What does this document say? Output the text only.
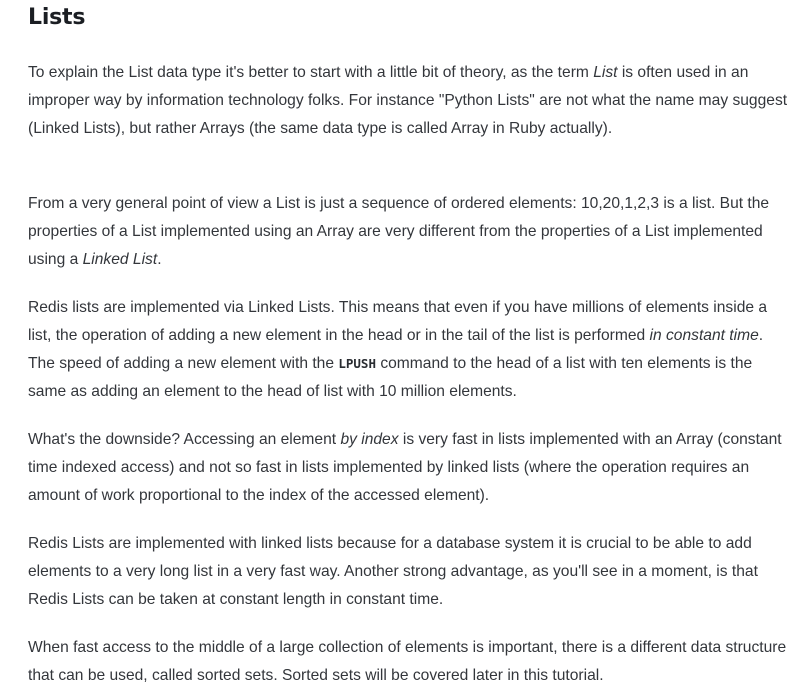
Lists

To explain the List data type it's better to start with a little bit of theory, as the term List is often used in an improper way by information technology folks. For instance "Python Lists" are not what the name may suggest (Linked Lists), but rather Arrays (the same data type is called Array in Ruby actually).

From a very general point of view a List is just a sequence of ordered elements: 10,20,1,2,3 is a list. But the properties of a List implemented using an Array are very different from the properties of a List implemented using a Linked List.

Redis lists are implemented via Linked Lists. This means that even if you have millions of elements inside a list, the operation of adding a new element in the head or in the tail of the list is performed in constant time. The speed of adding a new element with the LPUSH command to the head of a list with ten elements is the same as adding an element to the head of list with 10 million elements.

What's the downside? Accessing an element by index is very fast in lists implemented with an Array (constant time indexed access) and not so fast in lists implemented by linked lists (where the operation requires an amount of work proportional to the index of the accessed element).

Redis Lists are implemented with linked lists because for a database system it is crucial to be able to add elements to a very long list in a very fast way. Another strong advantage, as you'll see in a moment, is that Redis Lists can be taken at constant length in constant time.

When fast access to the middle of a large collection of elements is important, there is a different data structure that can be used, called sorted sets. Sorted sets will be covered later in this tutorial.
